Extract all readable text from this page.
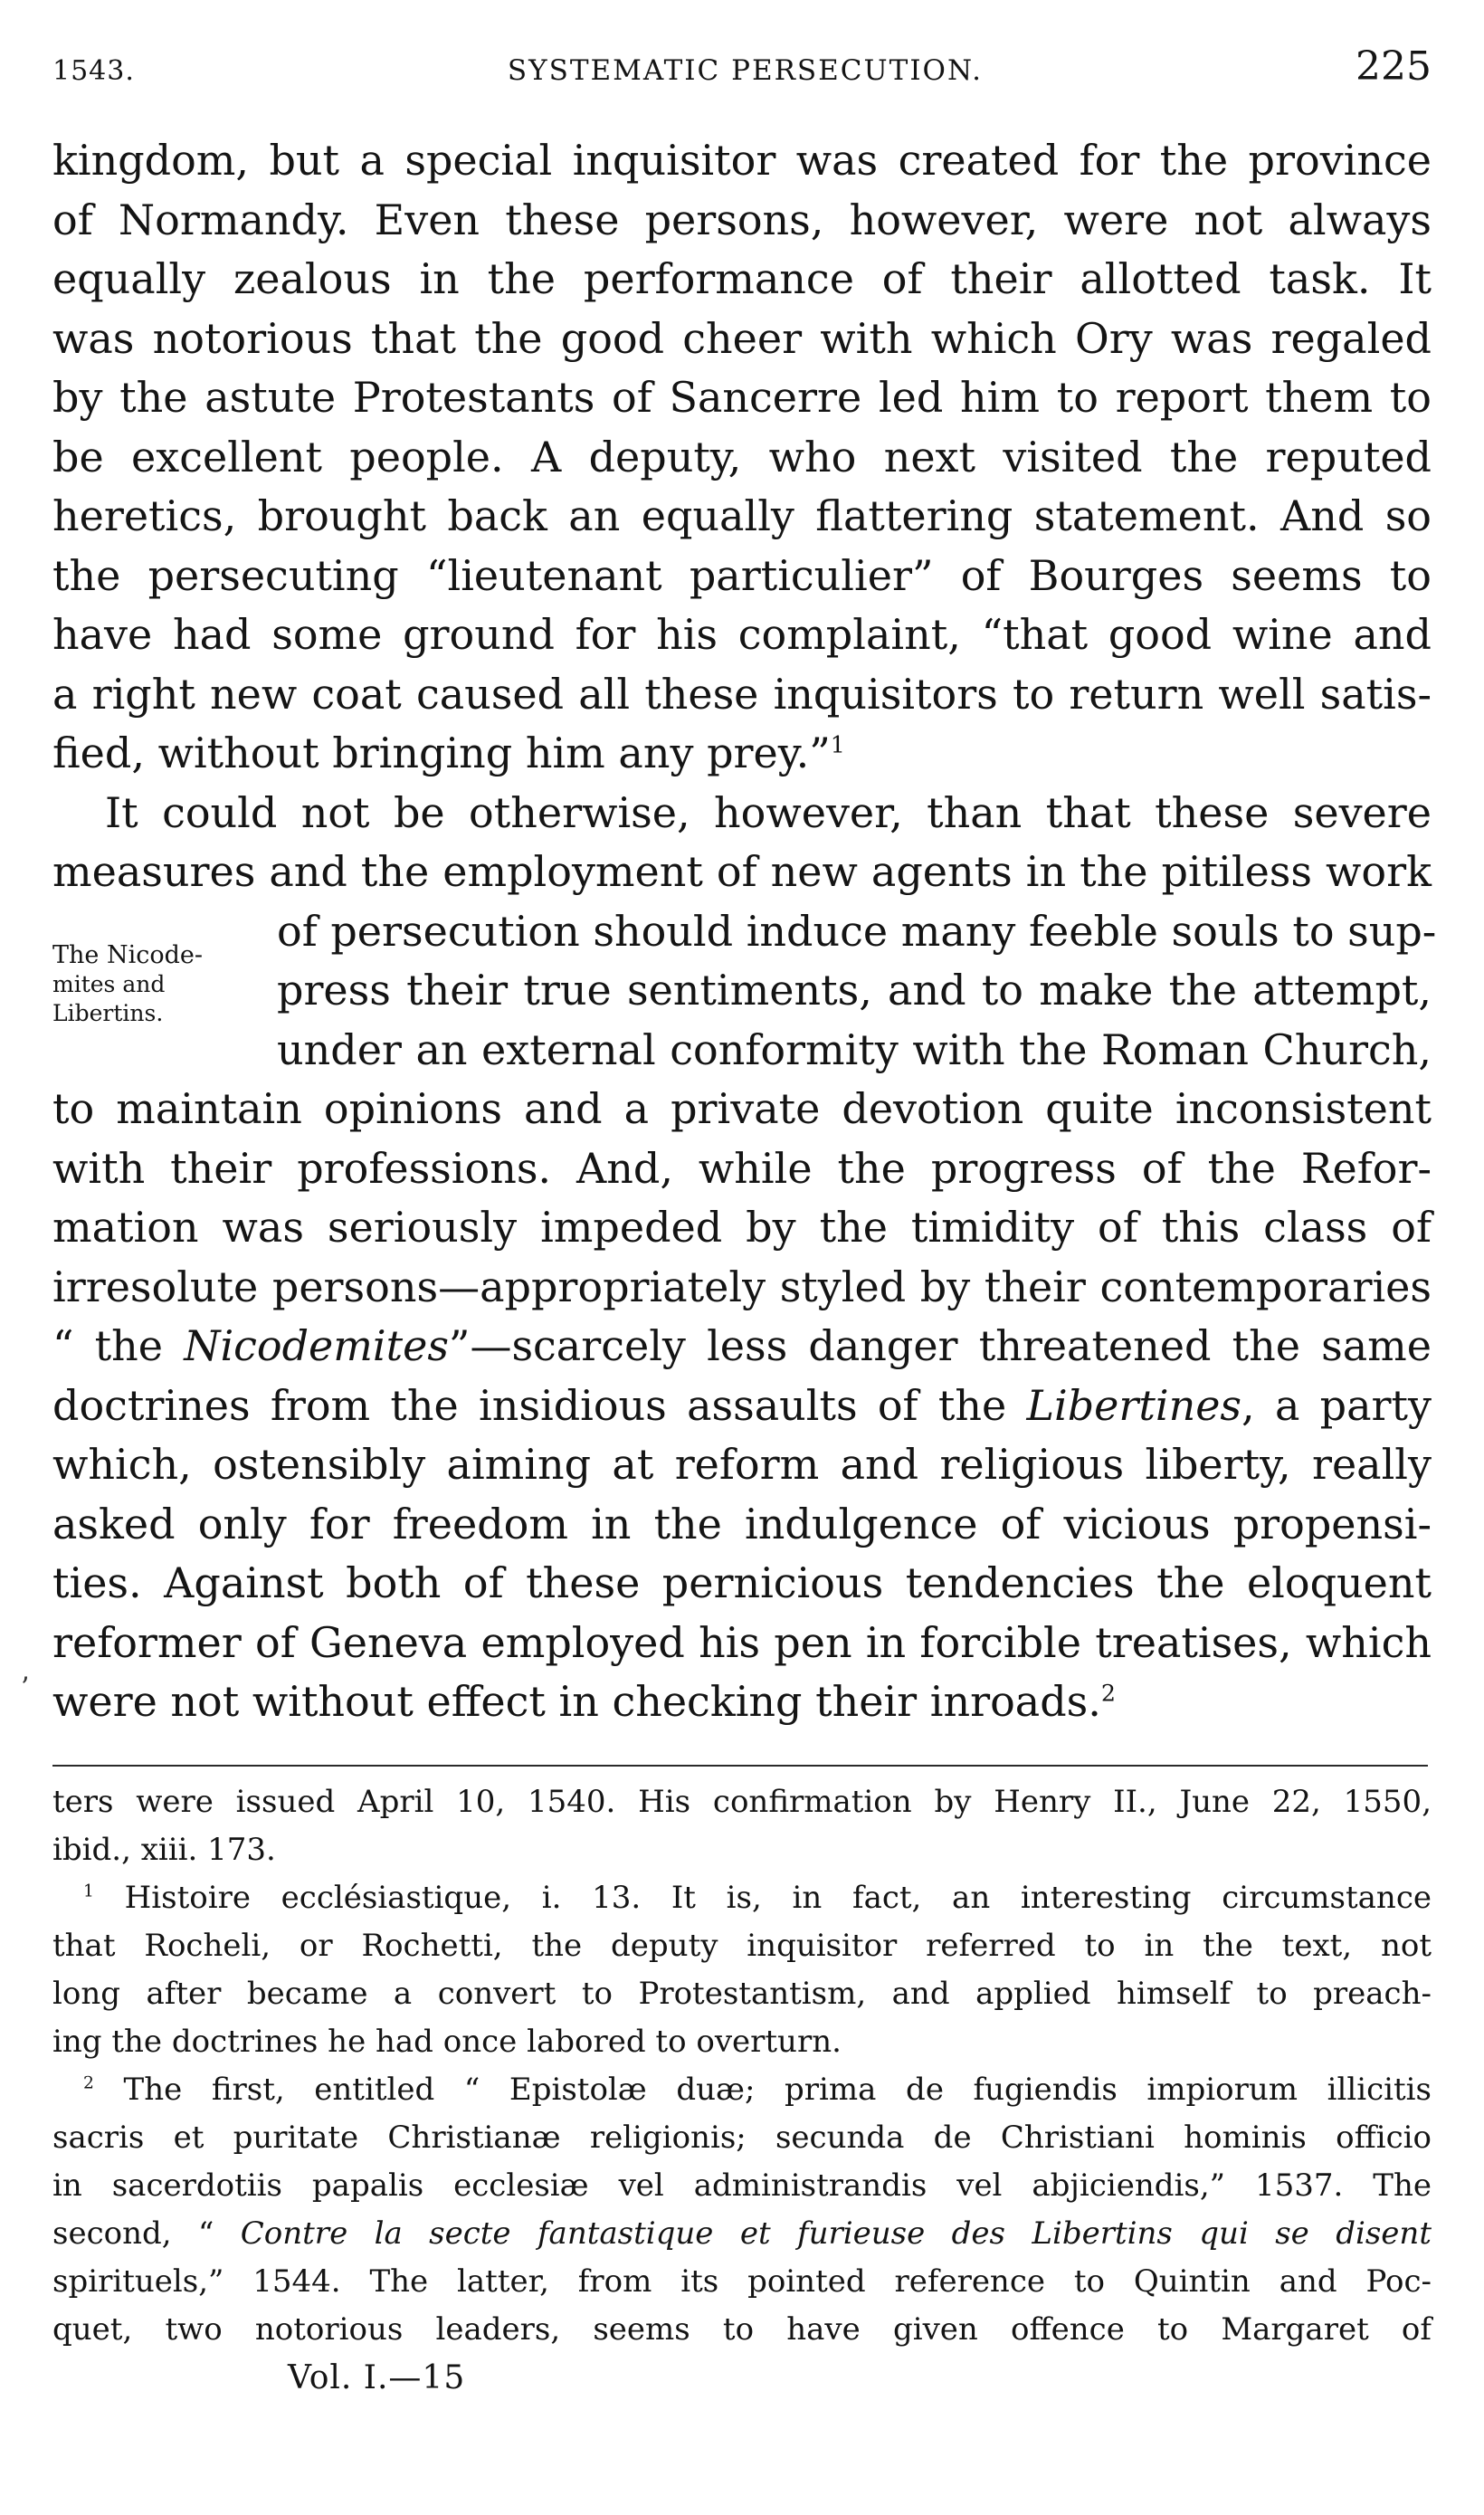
1543.	SYSTEMATIC PERSECUTION.	225
kingdom, but a special inquisitor was created for the province
of Normandy. Even these persons, however, were not always
equally zealous in the performance of their allotted task. It
was notorious that the good cheer with which Ory was regaled
by the astute Protestants of Sancerre led him to report them to
be excellent people. A deputy, who next visited the reputed
heretics, brought back an equally flattering statement. And so
the persecuting “lieutenant particulier” of Bourges seems to
have had some ground for his complaint, “that good wine and
a right new coat caused all these inquisitors to return well satis-
fied, without bringing him any prey.”$^1$
It could not be otherwise, however, than that these severe
measures and the employment of new agents in the pitiless work
of persecution should induce many feeble souls to sup-
press their true sentiments, and to make the attempt,
under an external conformity with the Roman Church,
to maintain opinions and a private devotion quite inconsistent
with their professions. And, while the progress of the Refor-
mation was seriously impeded by the timidity of this class of
irresolute persons—appropriately styled by their contemporaries
“ the Nicodemites”—scarcely less danger threatened the same
doctrines from the insidious assaults of the Libertines, a party
which, ostensibly aiming at reform and religious liberty, really
asked only for freedom in the indulgence of vicious propensi-
ties. Against both of these pernicious tendencies the eloquent
reformer of Geneva employed his pen in forcible treatises, which
were not without effect in checking their inroads.$^2$
The Nicode-
mites and
Libertins.
ʼ
ters were issued April 10, 1540. His confirmation by Henry II., June 22, 1550,
ibid., xiii. 173.
$^1$ Histoire ecclésiastique, i. 13. It is, in fact, an interesting circumstance
that Rocheli, or Rochetti, the deputy inquisitor referred to in the text, not
long after became a convert to Protestantism, and applied himself to preach-
ing the doctrines he had once labored to overturn.
$^2$ The first, entitled “ Epistolæ duæ; prima de fugiendis impiorum illicitis
sacris et puritate Christianæ religionis; secunda de Christiani hominis officio
in sacerdotiis papalis ecclesiæ vel administrandis vel abjiciendis,” 1537. The
second, “ Contre la secte fantastique et furieuse des Libertins qui se disent
spirituels,” 1544. The latter, from its pointed reference to Quintin and Poc-
quet, two notorious leaders, seems to have given offence to Margaret of
Vol. I.—15
